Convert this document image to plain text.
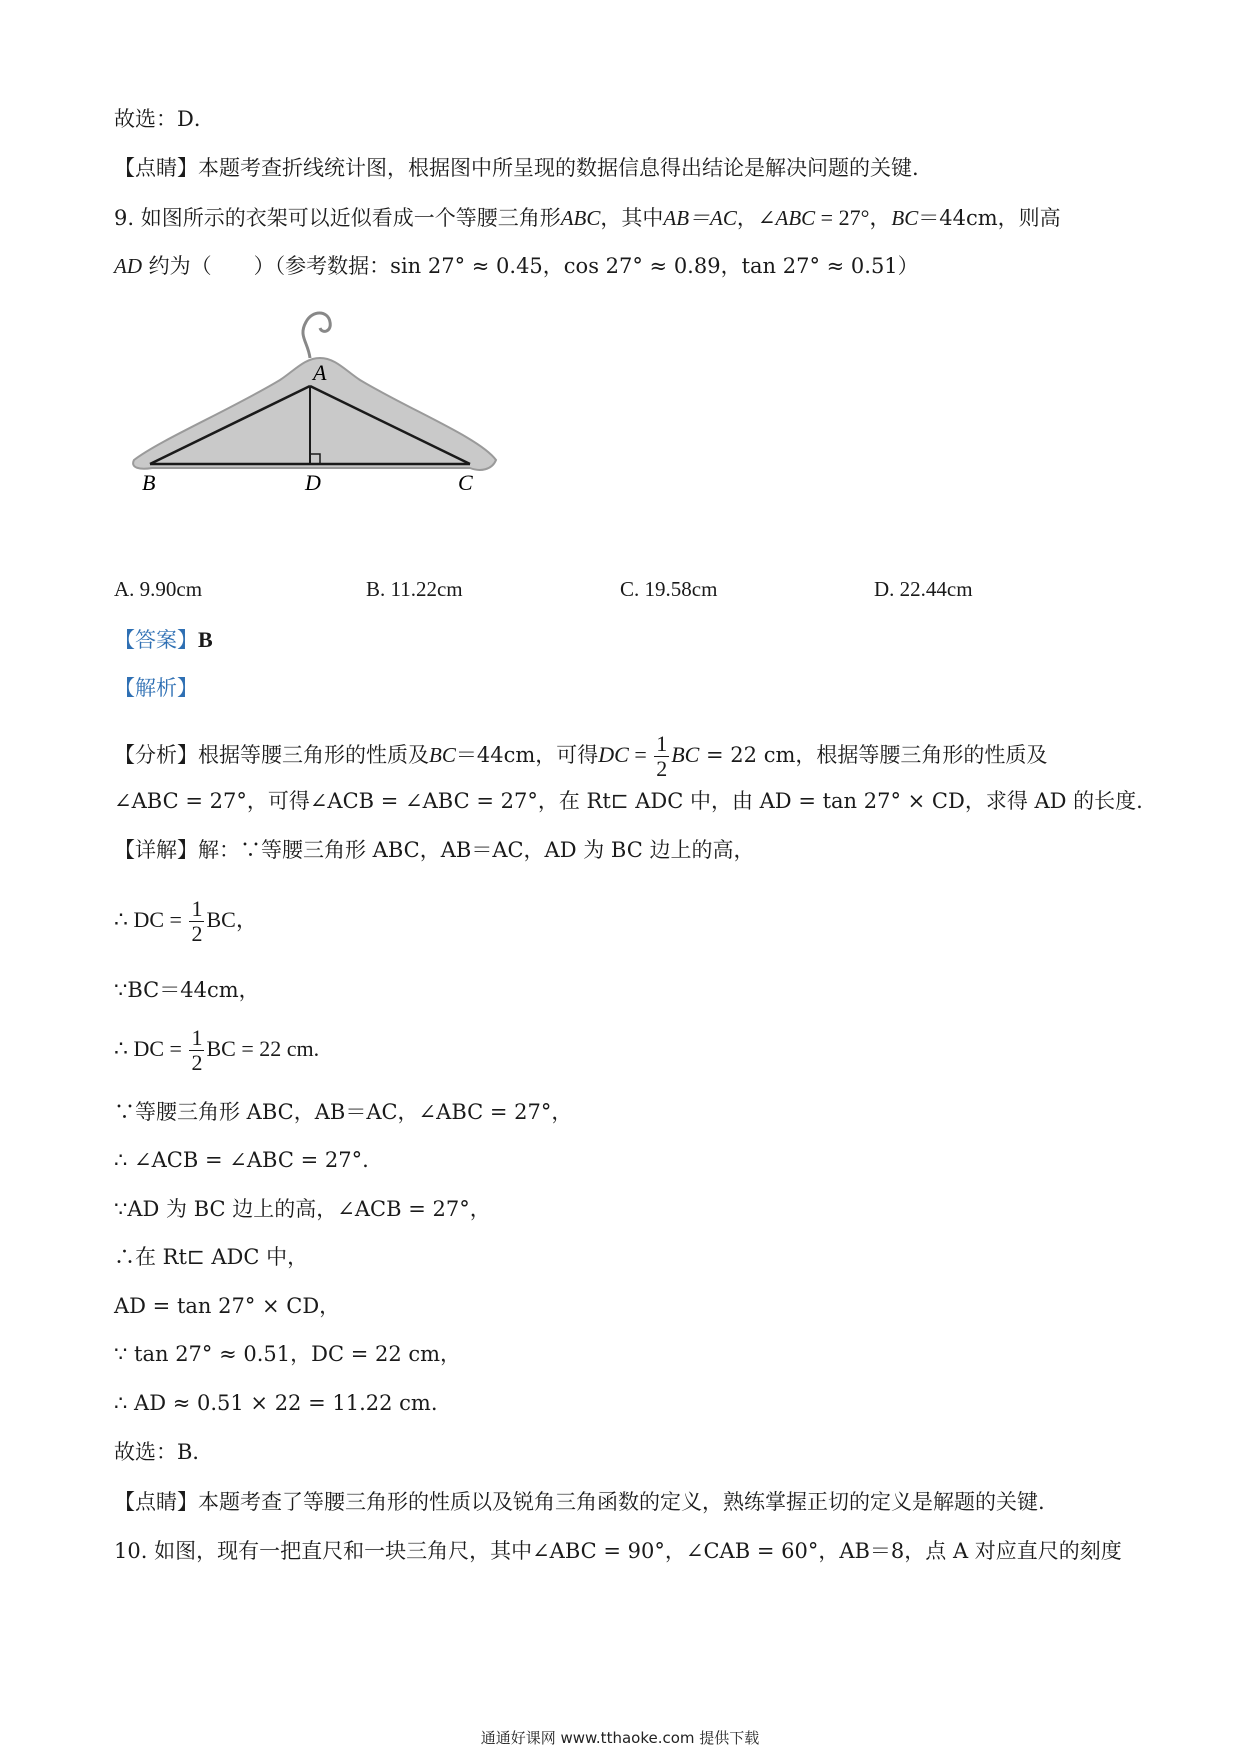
故选：D．
【点睛】本题考查折线统计图，根据图中所呈现的数据信息得出结论是解决问题的关键.
9. 如图所示的衣架可以近似看成一个等腰三角形ABC，其中AB＝AC，∠ABC = 27°，BC＝44cm，则高
AD 约为（　　）（参考数据：sin 27° ≈ 0.45，cos 27° ≈ 0.89，tan 27° ≈ 0.51）
A
B	D	C
A. 9.90cm	B. 11.22cm	C. 19.58cm	D. 22.44cm
【答案】B
【解析】
【分析】根据等腰三角形的性质及BC＝44cm，可得DC = $\frac{1}{2}$ BC = 22 cm，根据等腰三角形的性质及
∠ABC = 27°，可得∠ACB = ∠ABC = 27°，在 Rt⊏ ADC 中，由 AD = tan 27° × CD，求得 AD 的长度.
【详解】解：∵等腰三角形 ABC，AB＝AC，AD 为 BC 边上的高，
∴ DC = $\frac{1}{2}$ BC，
∵BC＝44cm，
∴ DC = $\frac{1}{2}$ BC = 22 cm.
∵等腰三角形 ABC，AB＝AC，∠ABC = 27°，
∴ ∠ACB = ∠ABC = 27°.
∵AD 为 BC 边上的高，∠ACB = 27°，
∴在 Rt⊏ ADC 中，
AD = tan 27° × CD，
∵ tan 27° ≈ 0.51，DC = 22 cm，
∴ AD ≈ 0.51 × 22 = 11.22 cm.
故选：B．
【点睛】本题考查了等腰三角形的性质以及锐角三角函数的定义，熟练掌握正切的定义是解题的关键.
10. 如图，现有一把直尺和一块三角尺，其中∠ABC = 90°，∠CAB = 60°，AB＝8，点 A 对应直尺的刻度
通通好课网 www.tthaoke.com 提供下载
